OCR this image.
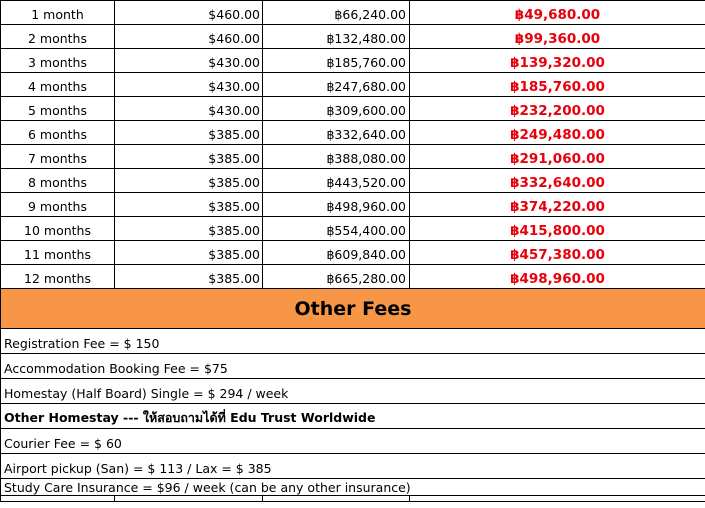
1 month	$460.00	฿66,240.00	฿49,680.00
2 months	$460.00	฿132,480.00	฿99,360.00
3 months	$430.00	฿185,760.00	฿139,320.00
4 months	$430.00	฿247,680.00	฿185,760.00
5 months	$430.00	฿309,600.00	฿232,200.00
6 months	$385.00	฿332,640.00	฿249,480.00
7 months	$385.00	฿388,080.00	฿291,060.00
8 months	$385.00	฿443,520.00	฿332,640.00
9 months	$385.00	฿498,960.00	฿374,220.00
10 months	$385.00	฿554,400.00	฿415,800.00
11 months	$385.00	฿609,840.00	฿457,380.00
12 months	$385.00	฿665,280.00	฿498,960.00
Other Fees			
Registration Fee = $ 150			
Accommodation Booking Fee = $75			
Homestay (Half Board) Single = $ 294 / week			
Other Homestay --- ให้สอบถามได้ที่ Edu Trust Worldwide			
Courier Fee = $ 60			
Airport pickup (San) = $ 113 / Lax = $ 385			
Study Care Insurance = $96 / week (can be any other insurance)			
